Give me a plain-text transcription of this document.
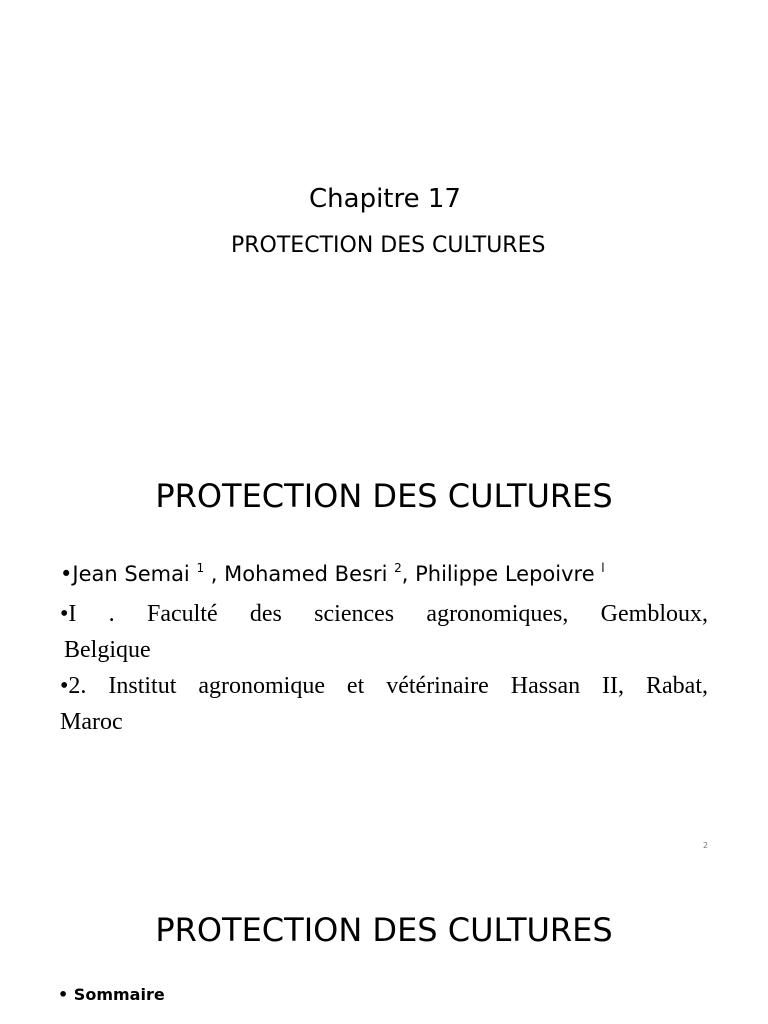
Chapitre 17
PROTECTION DES CULTURES
PROTECTION DES CULTURES
•Jean Semai $^1$ , Mohamed Besri $^2$, Philippe Lepoivre $^l$
•I . Faculté des sciences agronomiques, Gembloux,
Belgique
•2. Institut agronomique et vétérinaire Hassan II, Rabat,
Maroc
2
PROTECTION DES CULTURES
• Sommaire
